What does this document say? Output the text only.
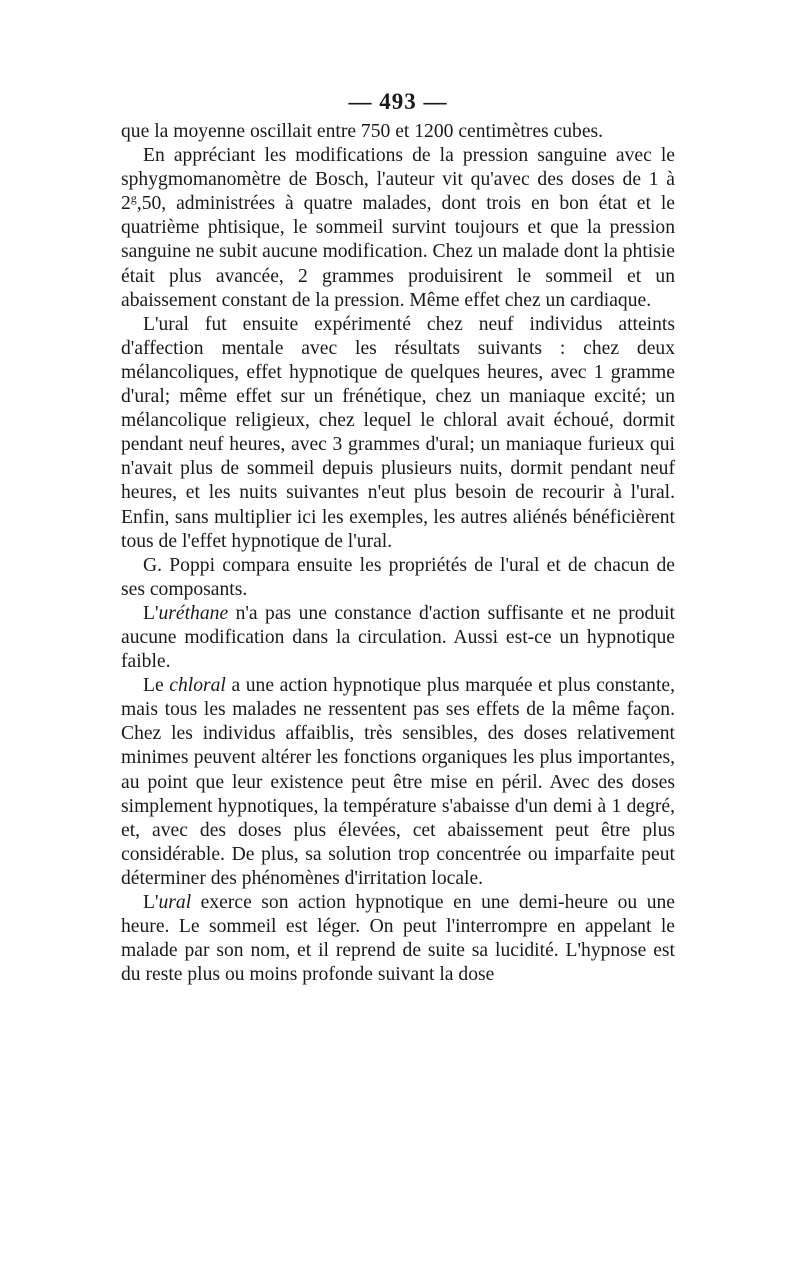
— 493 —

que la moyenne oscillait entre 750 et 1200 centimètres cubes.

En appréciant les modifications de la pression sanguine avec le sphygmomanomètre de Bosch, l'auteur vit qu'avec des doses de 1 à 2$^g$,50, administrées à quatre malades, dont trois en bon état et le quatrième phtisique, le sommeil survint toujours et que la pression sanguine ne subit aucune modification. Chez un malade dont la phtisie était plus avancée, 2 grammes produisirent le sommeil et un abaissement constant de la pression. Même effet chez un cardiaque.

L'ural fut ensuite expérimenté chez neuf individus atteints d'affection mentale avec les résultats suivants : chez deux mélancoliques, effet hypnotique de quelques heures, avec 1 gramme d'ural; même effet sur un frénétique, chez un maniaque excité; un mélancolique religieux, chez lequel le chloral avait échoué, dormit pendant neuf heures, avec 3 grammes d'ural; un maniaque furieux qui n'avait plus de sommeil depuis plusieurs nuits, dormit pendant neuf heures, et les nuits suivantes n'eut plus besoin de recourir à l'ural. Enfin, sans multiplier ici les exemples, les autres aliénés bénéficièrent tous de l'effet hypnotique de l'ural.

G. Poppi compara ensuite les propriétés de l'ural et de chacun de ses composants.

L'uréthane n'a pas une constance d'action suffisante et ne produit aucune modification dans la circulation. Aussi est-ce un hypnotique faible.

Le chloral a une action hypnotique plus marquée et plus constante, mais tous les malades ne ressentent pas ses effets de la même façon. Chez les individus affaiblis, très sensibles, des doses relativement minimes peuvent altérer les fonctions organiques les plus importantes, au point que leur existence peut être mise en péril. Avec des doses simplement hypnotiques, la température s'abaisse d'un demi à 1 degré, et, avec des doses plus élevées, cet abaissement peut être plus considérable. De plus, sa solution trop concentrée ou imparfaite peut déterminer des phénomènes d'irritation locale.

L'ural exerce son action hypnotique en une demi-heure ou une heure. Le sommeil est léger. On peut l'interrompre en appelant le malade par son nom, et il reprend de suite sa lucidité. L'hypnose est du reste plus ou moins profonde suivant la dose
